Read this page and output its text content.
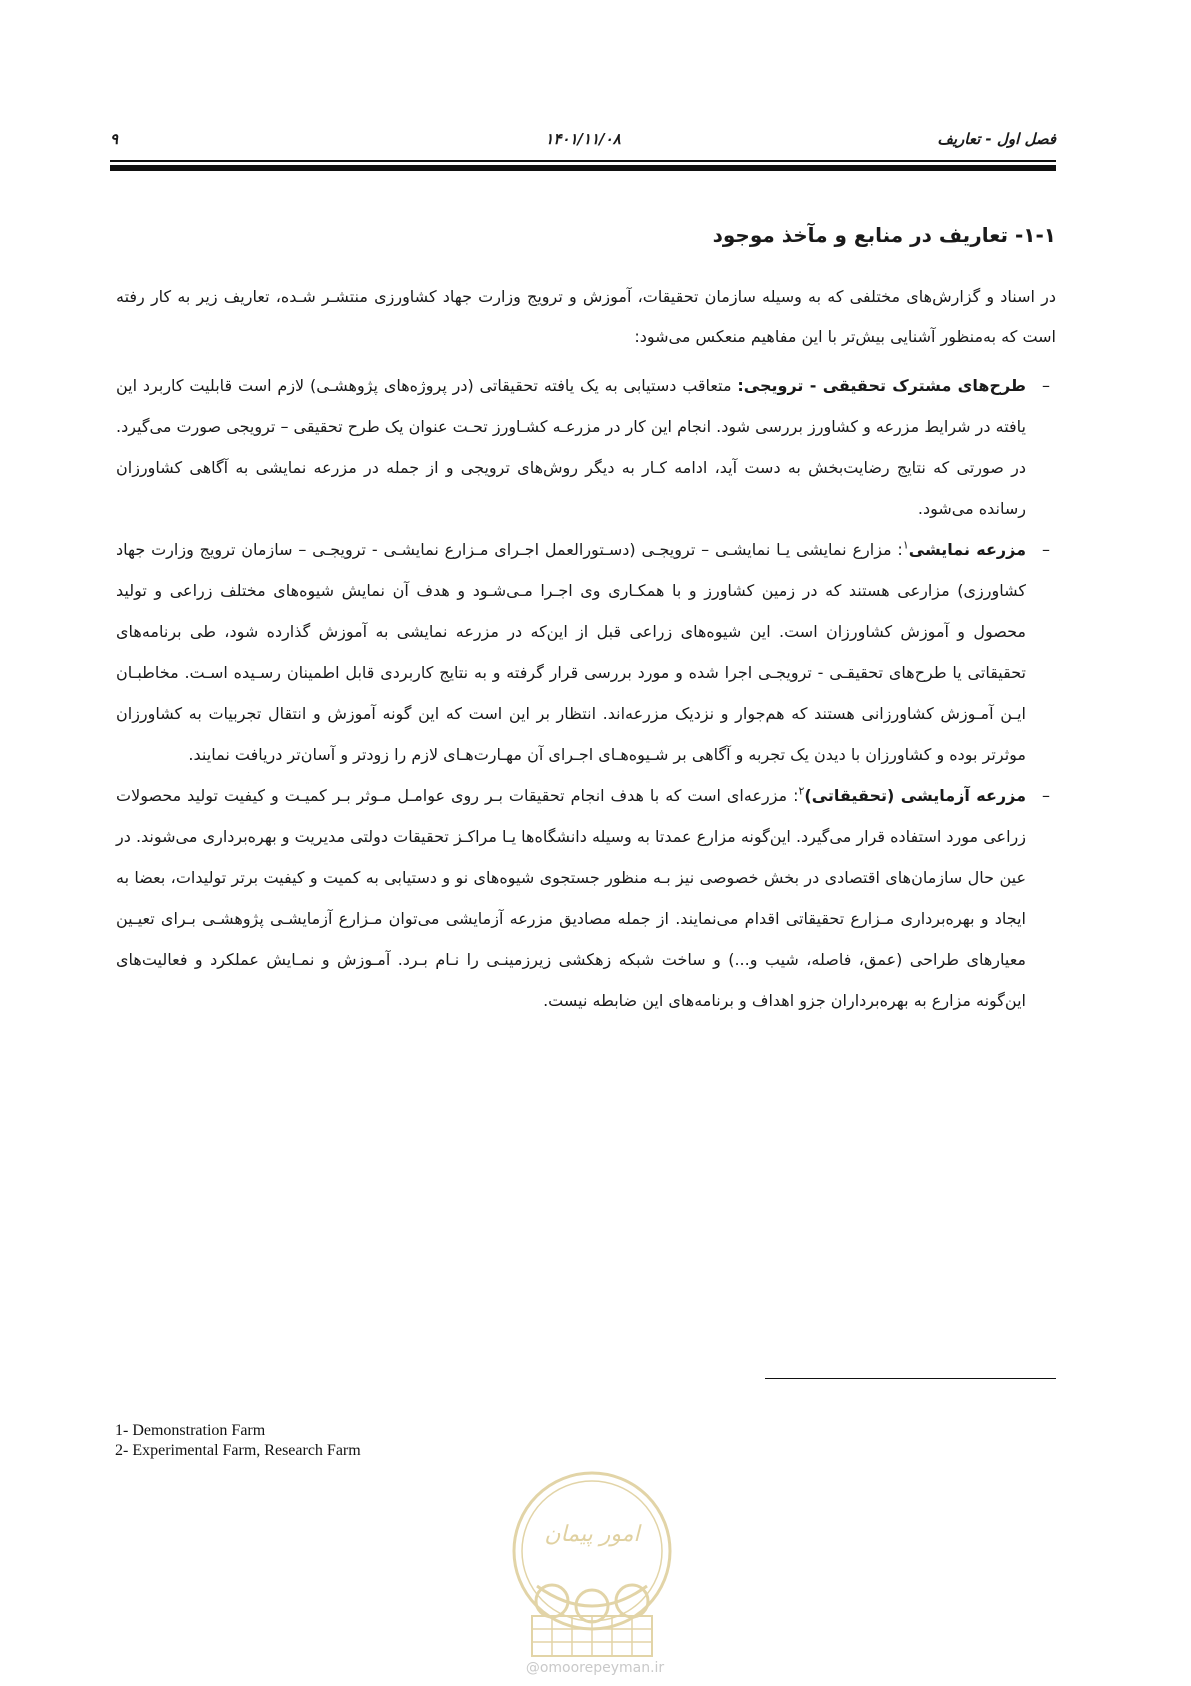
فصل اول - تعاریف
۱۴۰۱/۱۱/۰۸
۹
۱-۱- تعاریف در منابع و مآخذ موجود

در اسناد و گزارش‌های مختلفی که به وسیله سازمان تحقیقات، آموزش و ترویج وزارت جهاد کشاورزی منتشـر شـده، تعاریف زیر به کار رفته است که به‌منظور آشنایی بیش‌تر با این مفاهیم منعکس می‌شود:

–
طرح‌های مشترک تحقیقی - ترویجی: متعاقب دستیابی به یک یافته تحقیقاتی (در پروژه‌های پژوهشـی) لازم است قابلیت کاربرد این یافته در شرایط مزرعه و کشاورز بررسی شود. انجام این کار در مزرعـه کشـاورز تحـت عنوان یک طرح تحقیقی – ترویجی صورت می‌گیرد. در صورتی که نتایج رضایت‌بخش به دست آید، ادامه کـار به دیگر روش‌های ترویجی و از جمله در مزرعه نمایشی به آگاهی کشاورزان رسانده می‌شود.
–
مزرعه نمایشی$^۱$: مزارع نمایشی یـا نمایشـی – ترویجـی (دسـتورالعمل اجـرای مـزارع نمایشـی - ترویجـی – سازمان ترویج وزارت جهاد کشاورزی) مزارعی هستند که در زمین کشاورز و با همکـاری وی اجـرا مـی‌شـود و هدف آن نمایش شیوه‌های مختلف زراعی و تولید محصول و آموزش کشاورزان است. این شیوه‌های زراعی قبل از این‌که در مزرعه نمایشی به آموزش گذارده شود، طی برنامه‌های تحقیقاتی یا طرح‌های تحقیقـی - ترویجـی اجرا شده و مورد بررسی قرار گرفته و به نتایج کاربردی قابل اطمینان رسـیده اسـت. مخاطبـان ایـن آمـوزش کشاورزانی هستند که هم‌جوار و نزدیک مزرعه‌اند. انتظار بر این است که این گونه آموزش و انتقال تجربیات به کشاورزان موثرتر بوده و کشاورزان با دیدن یک تجربه و آگاهی بر شـیوه‌هـای اجـرای آن مهـارت‌هـای لازم را زودتر و آسان‌تر دریافت نمایند.
–
مزرعه آزمایشی (تحقیقاتی)$^۲$: مزرعه‌ای است که با هدف انجام تحقیقات بـر روی عوامـل مـوثر بـر کمیـت و کیفیت تولید محصولات زراعی مورد استفاده قرار می‌گیرد. این‌گونه مزارع عمدتا به وسیله دانشگاه‌ها یـا مراکـز تحقیقات دولتی مدیریت و بهره‌برداری می‌شوند. در عین حال سازمان‌های اقتصادی در بخش خصوصی نیز بـه منظور جستجوی شیوه‌های نو و دستیابی به کمیت و کیفیت برتر تولیدات، بعضا به ایجاد و بهره‌برداری مـزارع تحقیقاتی اقدام می‌نمایند. از جمله مصادیق مزرعه آزمایشی می‌توان مـزارع آزمایشـی پژوهشـی بـرای تعیـین معیارهای طراحی (عمق، فاصله، شیب و...) و ساخت شبکه زهکشی زیرزمینـی را نـام بـرد. آمـوزش و نمـایش عملکرد و فعالیت‌های این‌گونه مزارع به بهره‌برداران جزو اهداف و برنامه‌های این ضابطه نیست.
1- Demonstration Farm
2- Experimental Farm, Research Farm
امور پیمان
@omoorepeyman.ir
